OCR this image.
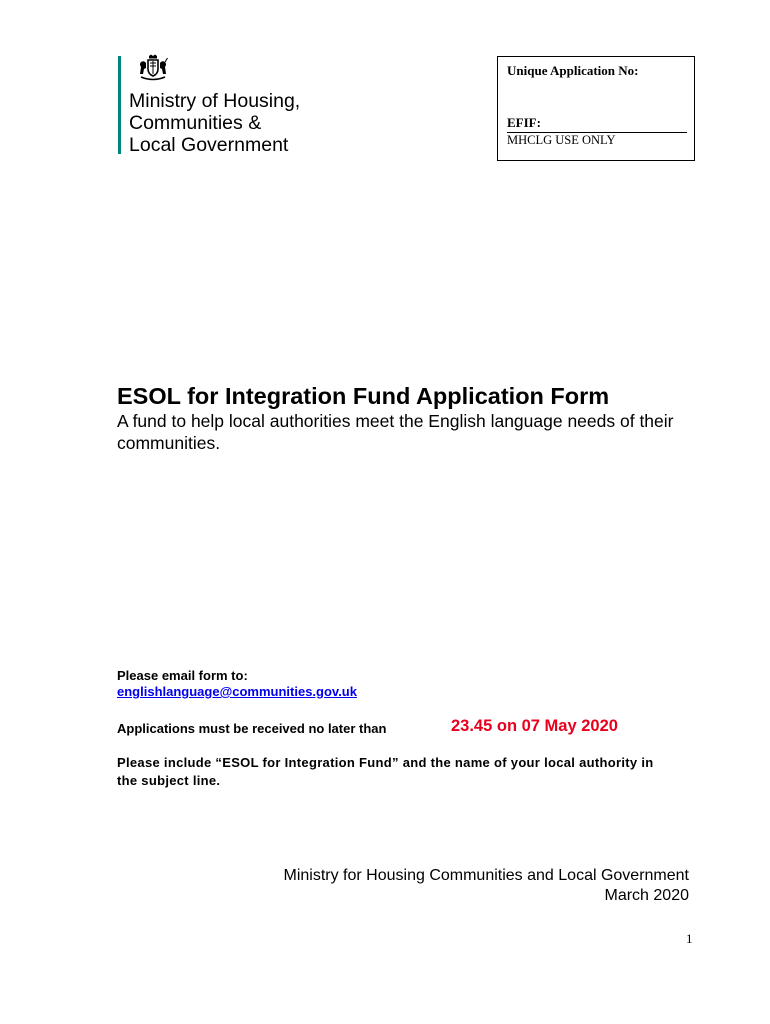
Ministry of Housing,
Communities &
Local Government
Unique Application No:
EFIF:
MHCLG USE ONLY
ESOL for Integration Fund Application Form
A fund to help local authorities meet the English language needs of their communities.
Please email form to:
englishlanguage@communities.gov.uk
Applications must be received no later than	23.45 on 07 May 2020
Please include “ESOL for Integration Fund” and the name of your local authority in the subject line.
Ministry for Housing Communities and Local Government
March 2020
1
